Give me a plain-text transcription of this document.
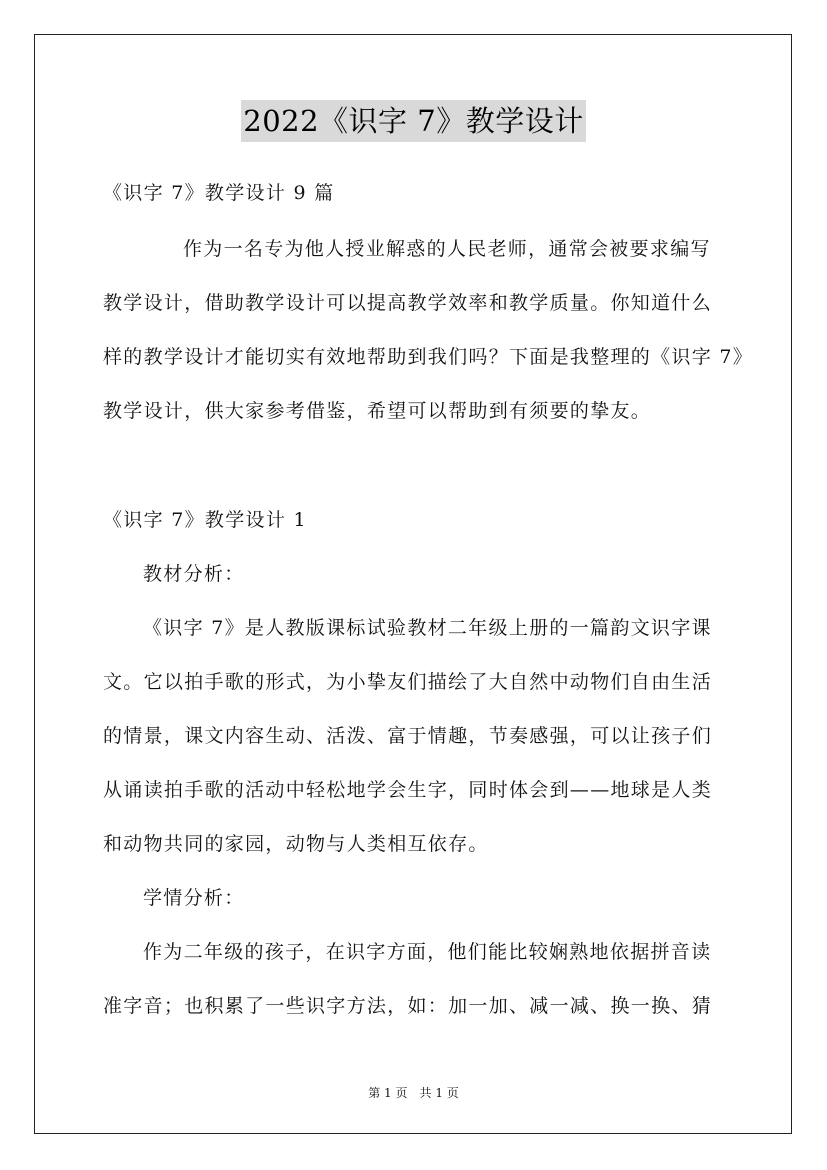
2022《识字 7》教学设计
《识字 7》教学设计 9 篇
作为一名专为他人授业解惑的人民老师，通常会被要求编写
教学设计，借助教学设计可以提高教学效率和教学质量。你知道什么
样的教学设计才能切实有效地帮助到我们吗？下面是我整理的《识字 7》
教学设计，供大家参考借鉴，希望可以帮助到有须要的挚友。
《识字 7》教学设计 1
教材分析：
《识字 7》是人教版课标试验教材二年级上册的一篇韵文识字课
文。它以拍手歌的形式，为小挚友们描绘了大自然中动物们自由生活
的情景，课文内容生动、活泼、富于情趣，节奏感强，可以让孩子们
从诵读拍手歌的活动中轻松地学会生字，同时体会到——地球是人类
和动物共同的家园，动物与人类相互依存。
学情分析：
作为二年级的孩子，在识字方面，他们能比较娴熟地依据拼音读
准字音；也积累了一些识字方法，如：加一加、减一减、换一换、猜
第 1 页　共 1 页
